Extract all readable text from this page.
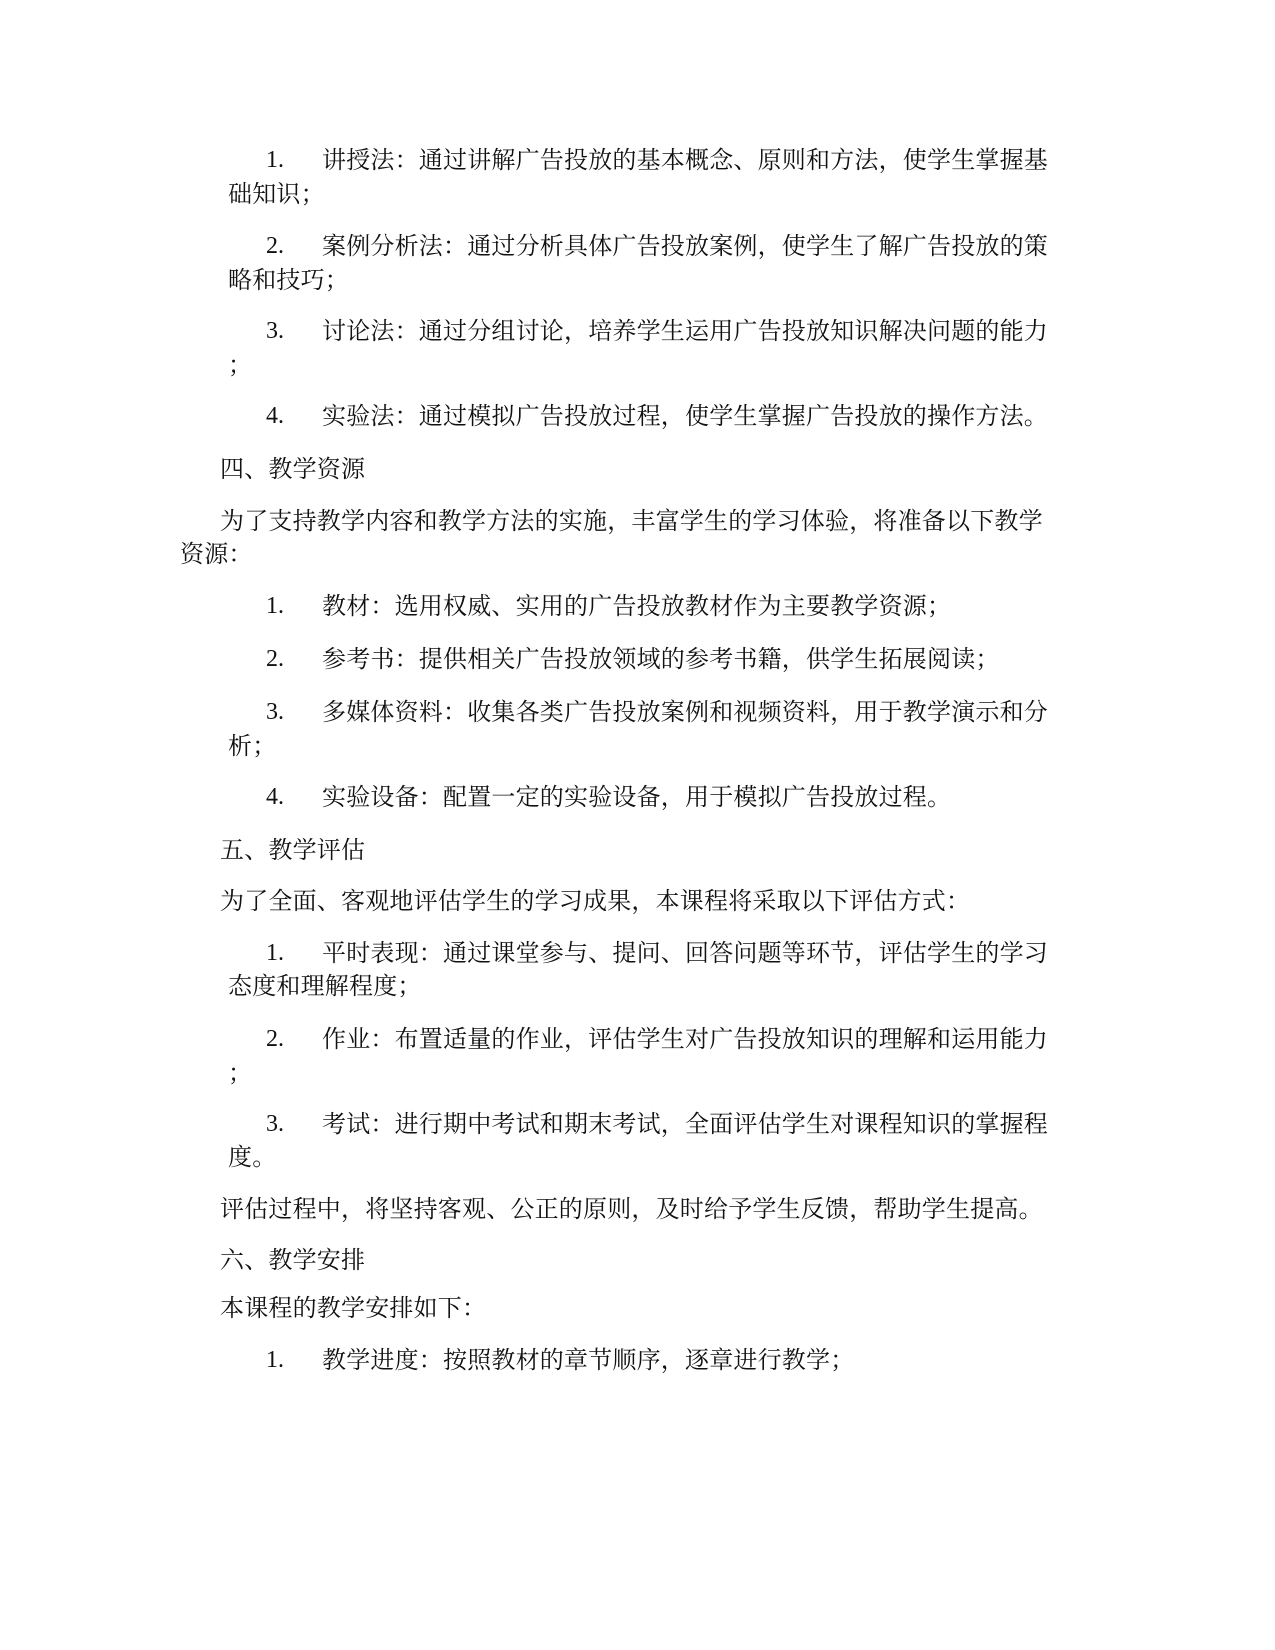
1. 讲授法：通过讲解广告投放的基本概念、原则和方法，使学生掌握基
础知识；
2. 案例分析法：通过分析具体广告投放案例，使学生了解广告投放的策
略和技巧；
3. 讨论法：通过分组讨论，培养学生运用广告投放知识解决问题的能力
；
4. 实验法：通过模拟广告投放过程，使学生掌握广告投放的操作方法。
四、教学资源
为了支持教学内容和教学方法的实施，丰富学生的学习体验，将准备以下教学
资源：
1. 教材：选用权威、实用的广告投放教材作为主要教学资源；
2. 参考书：提供相关广告投放领域的参考书籍，供学生拓展阅读；
3. 多媒体资料：收集各类广告投放案例和视频资料，用于教学演示和分
析；
4. 实验设备：配置一定的实验设备，用于模拟广告投放过程。
五、教学评估
为了全面、客观地评估学生的学习成果，本课程将采取以下评估方式：
1. 平时表现：通过课堂参与、提问、回答问题等环节，评估学生的学习
态度和理解程度；
2. 作业：布置适量的作业，评估学生对广告投放知识的理解和运用能力
；
3. 考试：进行期中考试和期末考试，全面评估学生对课程知识的掌握程
度。
评估过程中，将坚持客观、公正的原则，及时给予学生反馈，帮助学生提高。
六、教学安排
本课程的教学安排如下：
1. 教学进度：按照教材的章节顺序，逐章进行教学；
